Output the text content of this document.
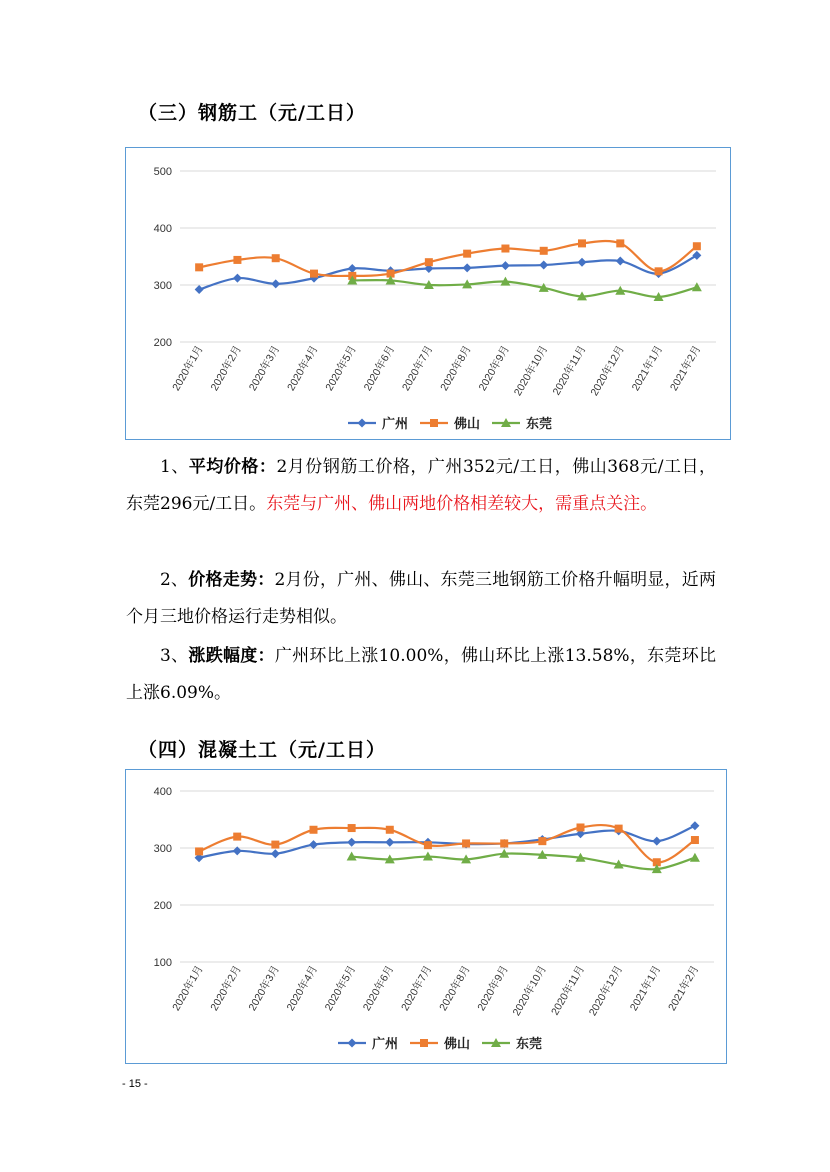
（三）钢筋工（元/工日）
200
300
400
500
2020年1月 2020年2月 2020年3月 2020年4月 2020年5月 2020年6月 2020年7月 2020年8月 2020年9月 2020年10月 2020年11月 2020年12月 2021年1月 2021年2月
广州	佛山	东莞
1、平均价格：2月份钢筋工价格，广州352元/工日，佛山368元/工日，东莞296元/工日。东莞与广州、佛山两地价格相差较大，需重点关注。
2、价格走势：2月份，广州、佛山、东莞三地钢筋工价格升幅明显，近两个月三地价格运行走势相似。
3、涨跌幅度：广州环比上涨10.00%，佛山环比上涨13.58%，东莞环比上涨6.09%。
（四）混凝土工（元/工日）
100
200
300
400
2020年1月 2020年2月 2020年3月 2020年4月 2020年5月 2020年6月 2020年7月 2020年8月 2020年9月 2020年10月 2020年11月 2020年12月 2021年1月 2021年2月
广州	佛山	东莞
- 15 -
